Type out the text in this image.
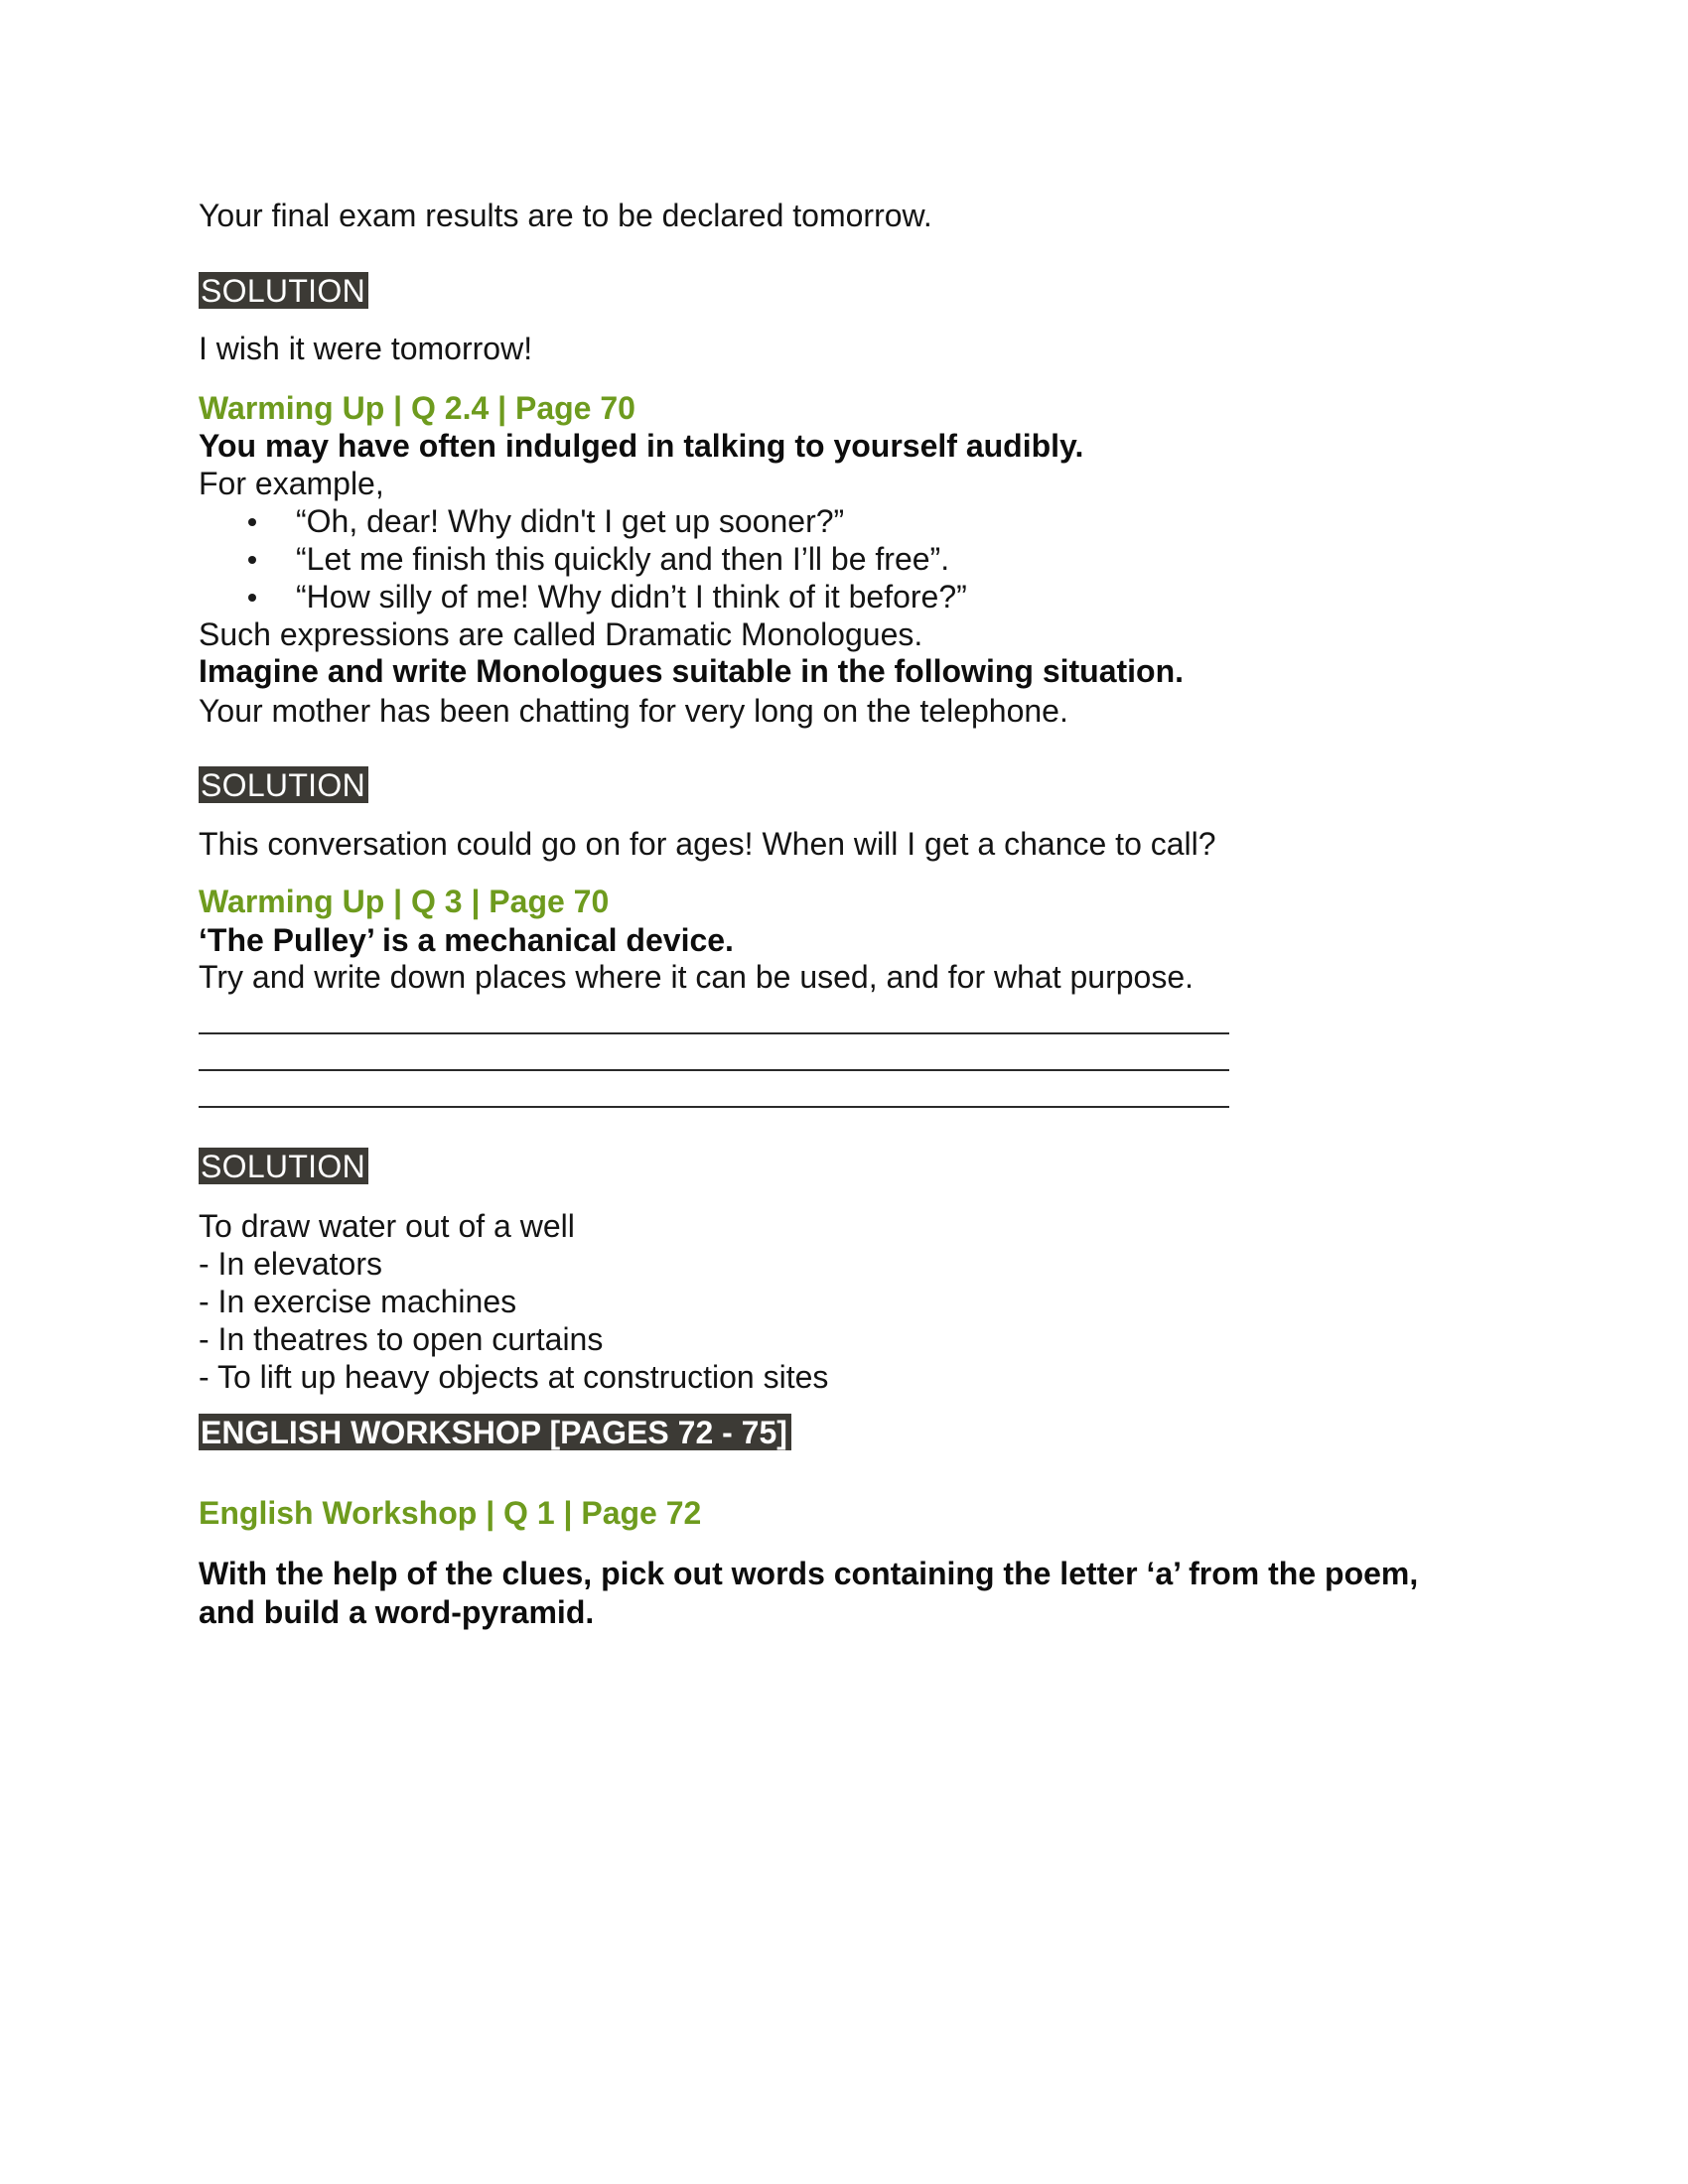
Your final exam results are to be declared tomorrow.

SOLUTION

I wish it were tomorrow!

Warming Up | Q 2.4 | Page 70

You may have often indulged in talking to yourself audibly.

For example,

“Oh, dear! Why didn't I get up sooner?”
“Let me finish this quickly and then I’ll be free”.
“How silly of me! Why didn’t I think of it before?”

Such expressions are called Dramatic Monologues.

Imagine and write Monologues suitable in the following situation.

Your mother has been chatting for very long on the telephone.

SOLUTION

This conversation could go on for ages! When will I get a chance to call?

Warming Up | Q 3 | Page 70

‘The Pulley’ is a mechanical device.

Try and write down places where it can be used, and for what purpose.

SOLUTION
To draw water out of a well
- In elevators
- In exercise machines
- In theatres to open curtains
- To lift up heavy objects at construction sites
ENGLISH WORKSHOP [PAGES 72 - 75]

English Workshop | Q 1 | Page 72

With the help of the clues, pick out words containing the letter ‘a’ from the poem,

and build a word-pyramid.
